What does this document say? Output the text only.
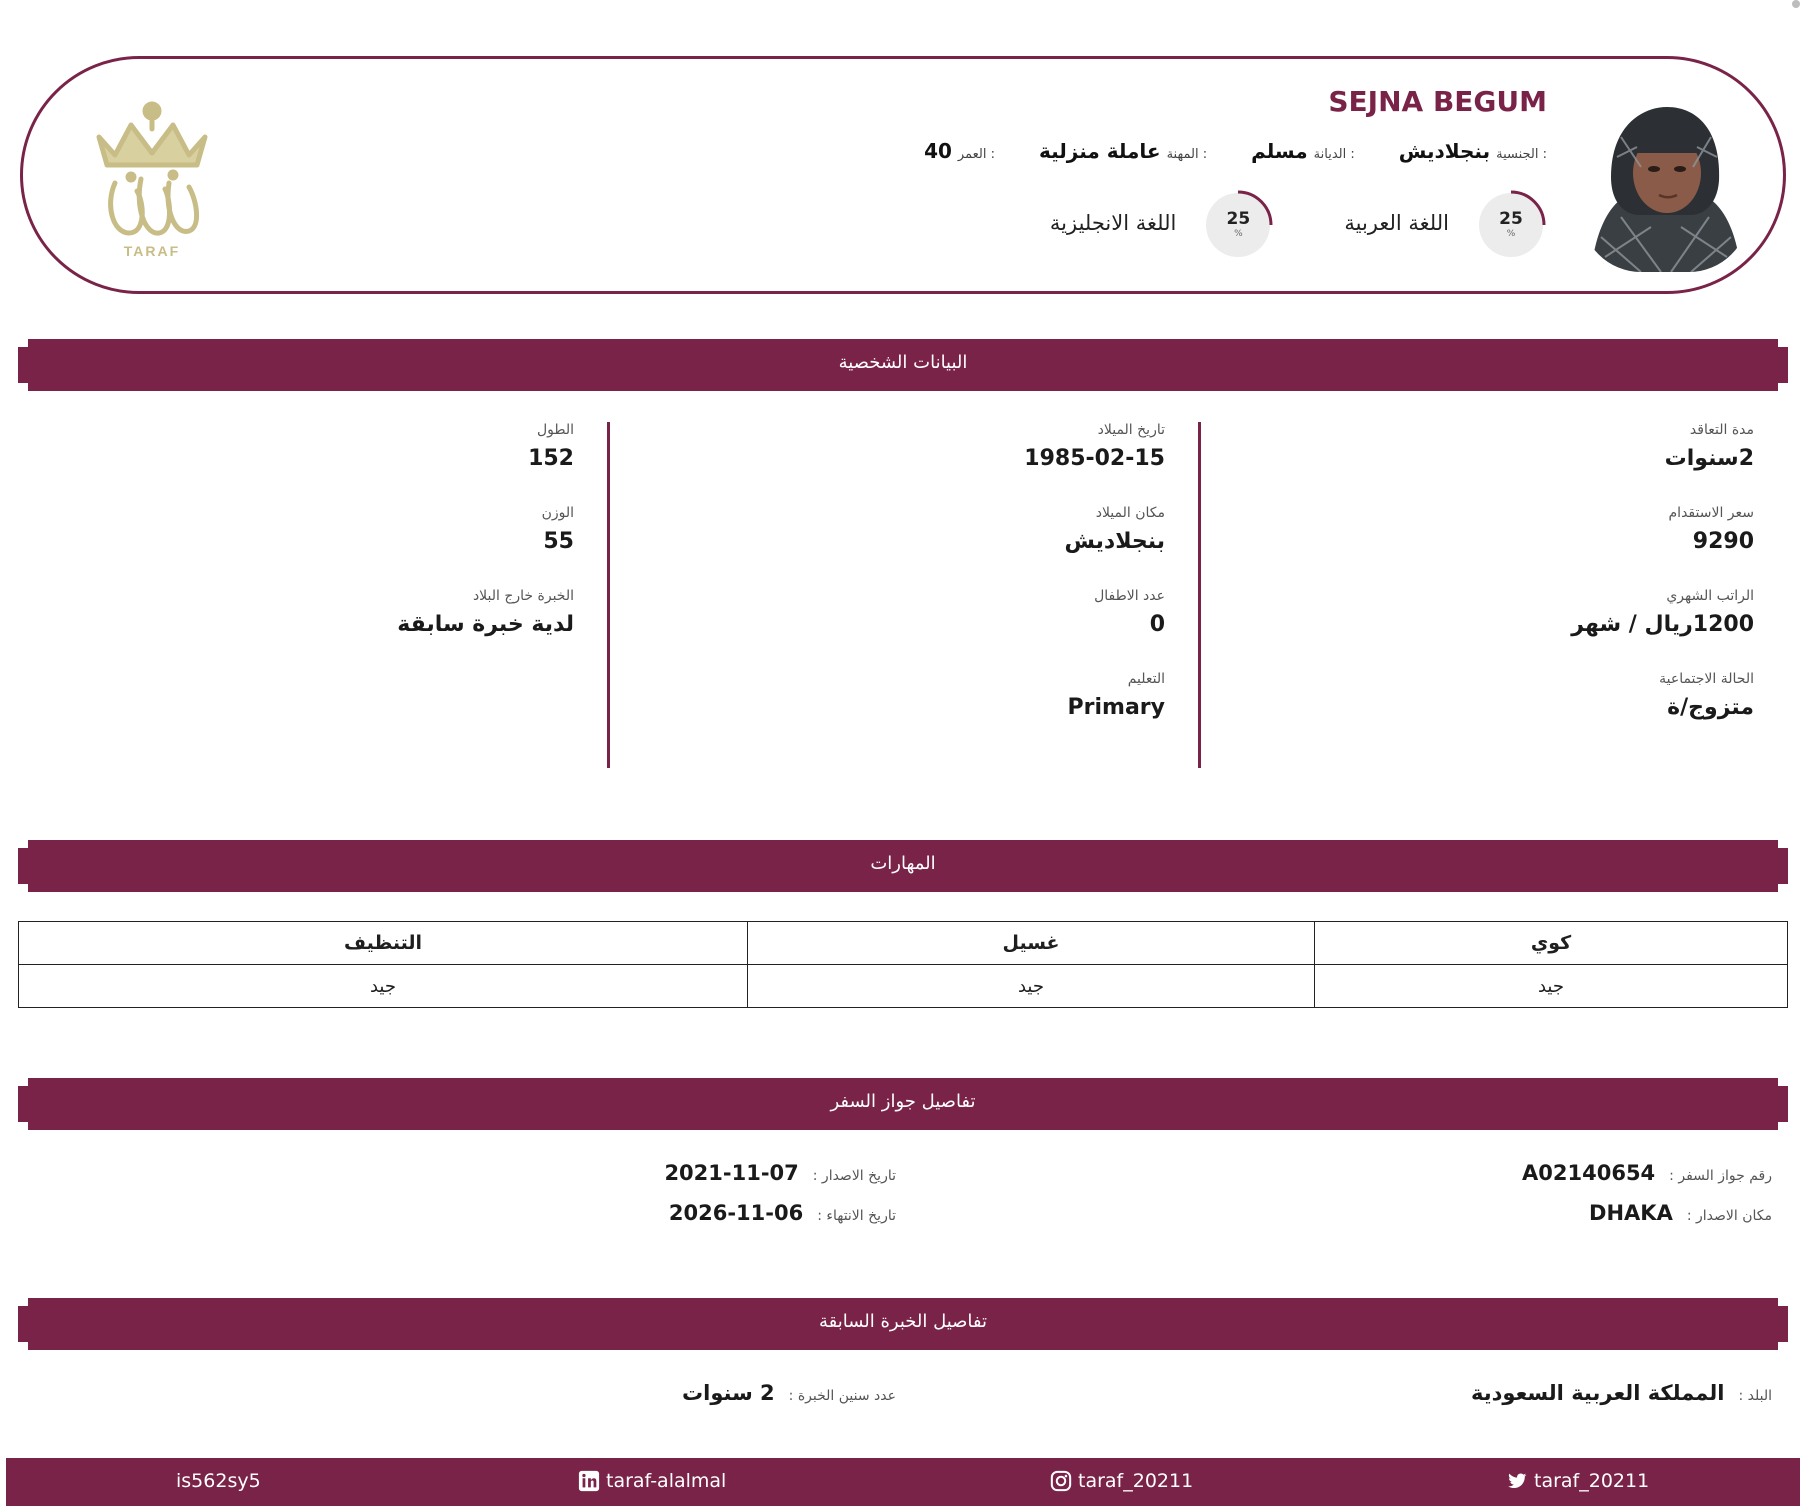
TARAF
SEJNA BEGUM
الجنسية :
بنجلاديش
الديانة :
مسلم
المهنة :
عاملة منزلية
العمر :
40
25
%
اللغة العربية
25
%
اللغة الانجليزية
البيانات الشخصية
مدة التعاقد
2سنوات
سعر الاستقدام
9290
الراتب الشهري
1200ريال / شهر
الحالة الاجتماعية
متزوج/ة
تاريخ الميلاد
1985-02-15
مكان الميلاد
بنجلاديش
عدد الاطفال
0
التعليم
Primary
الطول
152
الوزن
55
الخبرة خارج البلاد
لدية خبرة سابقة
المهارات
كوي	غسيل	التنظيف
جيد	جيد	جيد
تفاصيل جواز السفر
رقم جواز السفر :
A02140654
مكان الاصدار :
DHAKA
تاريخ الاصدار :
2021-11-07
تاريخ الانتهاء :
2026-11-06
تفاصيل الخبرة السابقة
البلد :
المملكة العربية السعودية
عدد سنين الخبرة :
2 سنوات
is562sy5	taraf-alalmal	taraf_20211	taraf_20211
